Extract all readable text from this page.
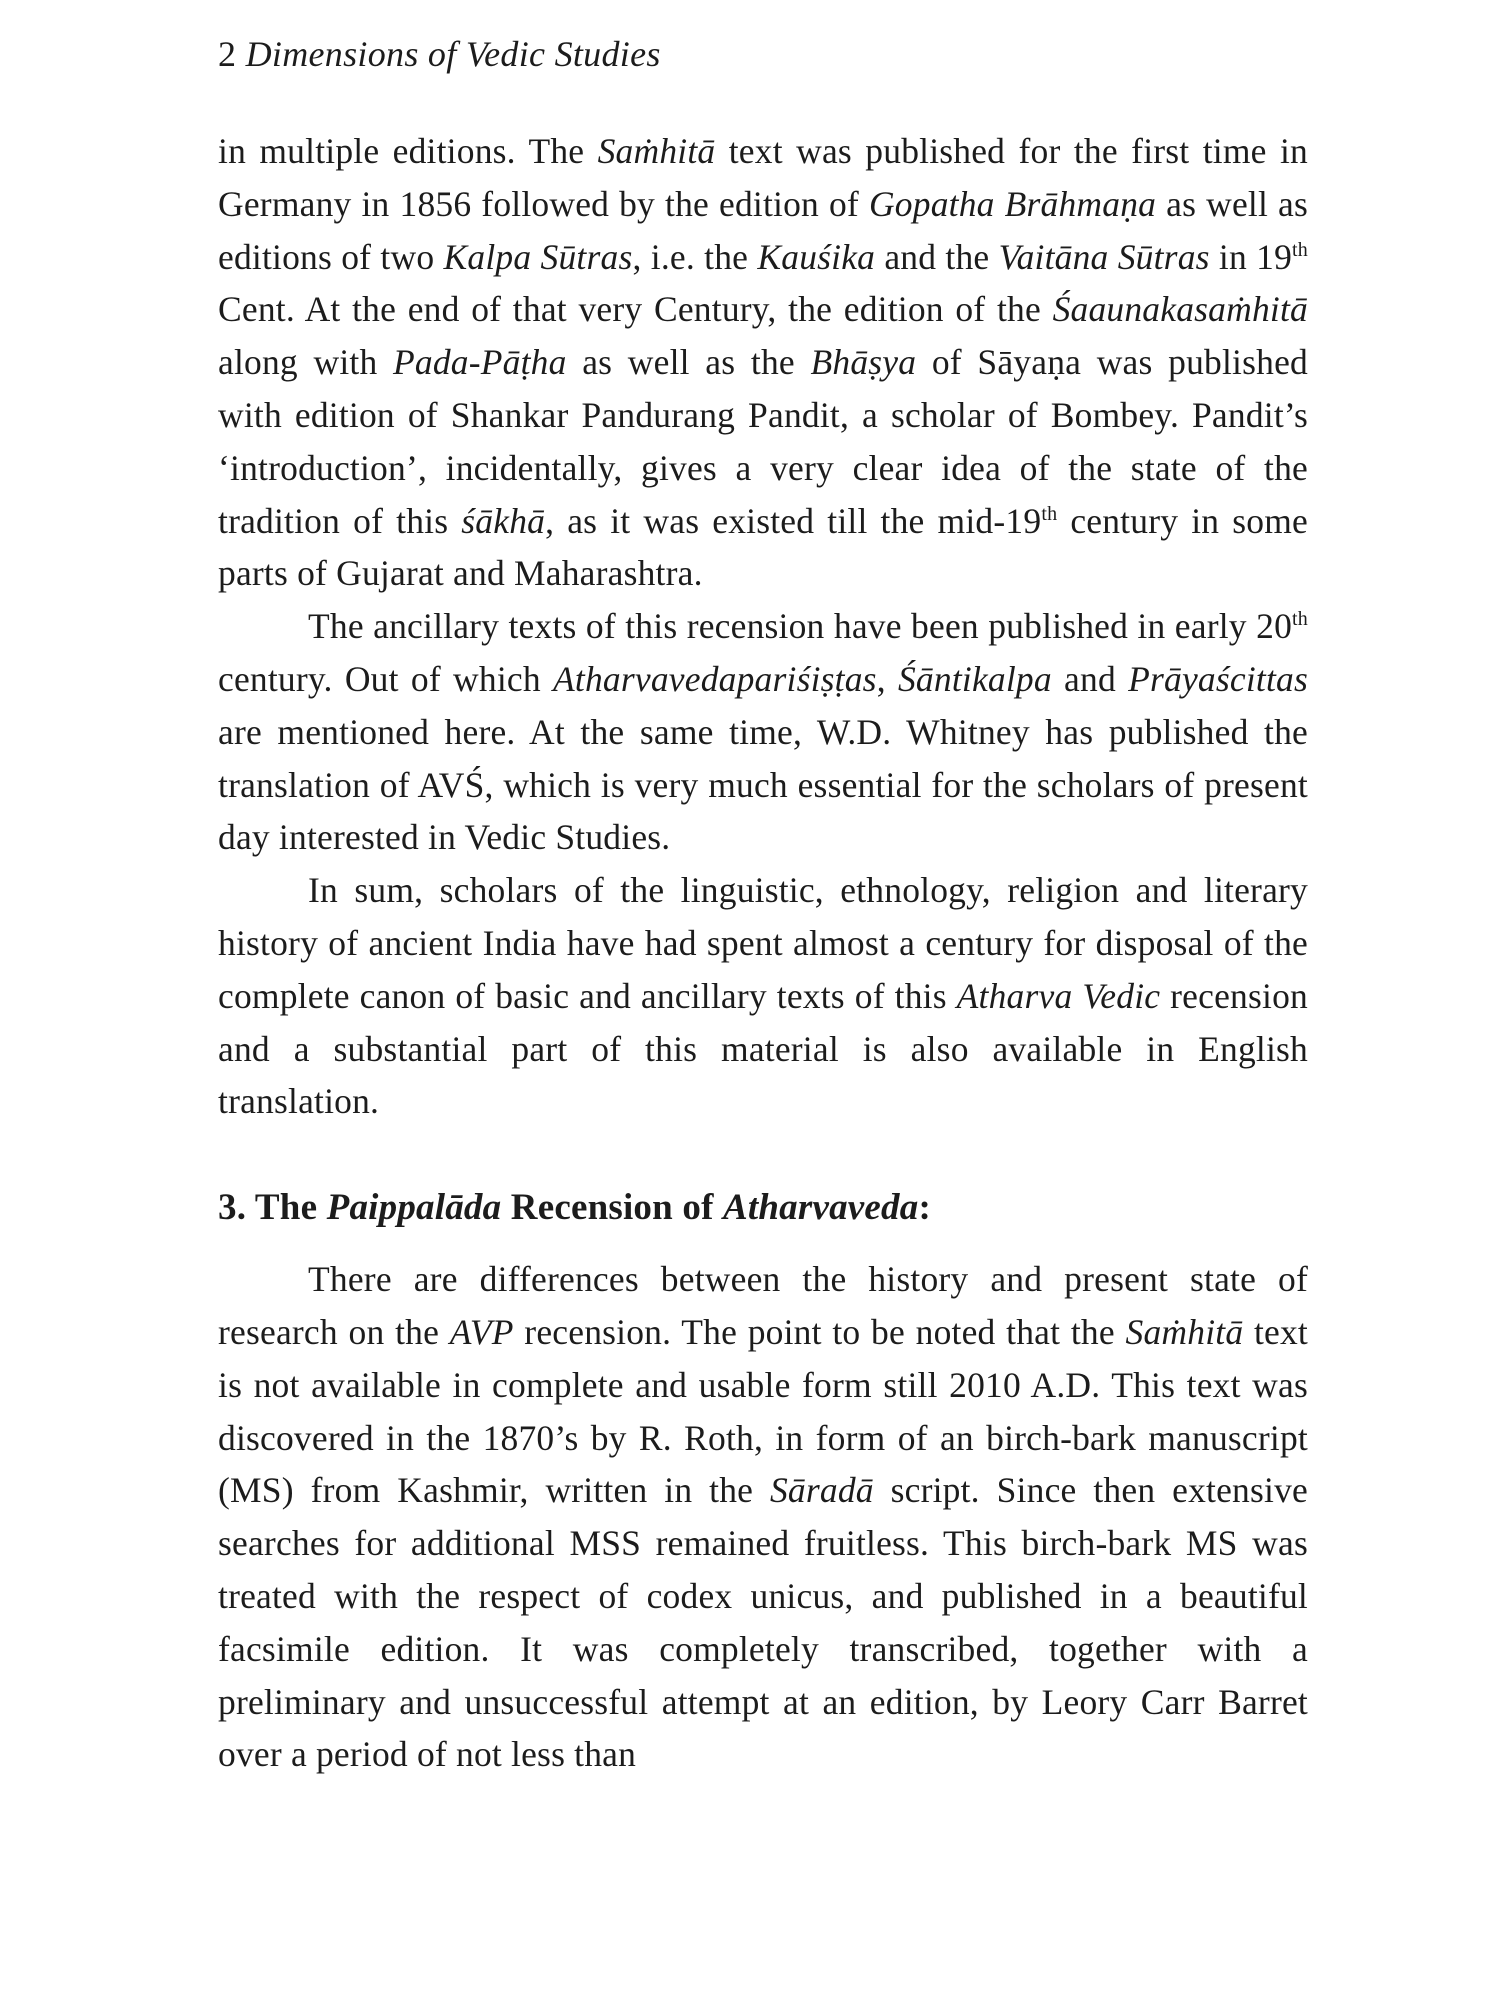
2 Dimensions of Vedic Studies

in multiple editions. The Saṁhitā text was published for the first time in Germany in 1856 followed by the edition of Gopatha Brāhmaṇa as well as editions of two Kalpa Sūtras, i.e. the Kauśika and the Vaitāna Sūtras in 19th Cent. At the end of that very Century, the edition of the Śaaunakasaṁhitā along with Pada-Pāṭha as well as the Bhāṣya of Sāyaṇa was published with edition of Shankar Pandurang Pandit, a scholar of Bombey. Pandit’s ‘introduction’, incidentally, gives a very clear idea of the state of the tradition of this śākhā, as it was existed till the mid-19th century in some parts of Gujarat and Maharashtra.

The ancillary texts of this recension have been published in early 20th century. Out of which Atharvavedapariśiṣṭas, Śāntikalpa and Prāyaścittas are mentioned here. At the same time, W.D. Whitney has published the translation of AVŚ, which is very much essential for the scholars of present day interested in Vedic Studies.

In sum, scholars of the linguistic, ethnology, religion and literary history of ancient India have had spent almost a century for disposal of the complete canon of basic and ancillary texts of this Atharva Vedic recension and a substantial part of this material is also available in English translation.

3. The Paippalāda Recension of Atharvaveda:

There are differences between the history and present state of research on the AVP recension. The point to be noted that the Saṁhitā text is not available in complete and usable form still 2010 A.D. This text was discovered in the 1870’s by R. Roth, in form of an birch-bark manuscript (MS) from Kashmir, written in the Sāradā script. Since then extensive searches for additional MSS remained fruitless. This birch-bark MS was treated with the respect of codex unicus, and published in a beautiful facsimile edition. It was completely transcribed, together with a preliminary and unsuccessful attempt at an edition, by Leory Carr Barret over a period of not less than
